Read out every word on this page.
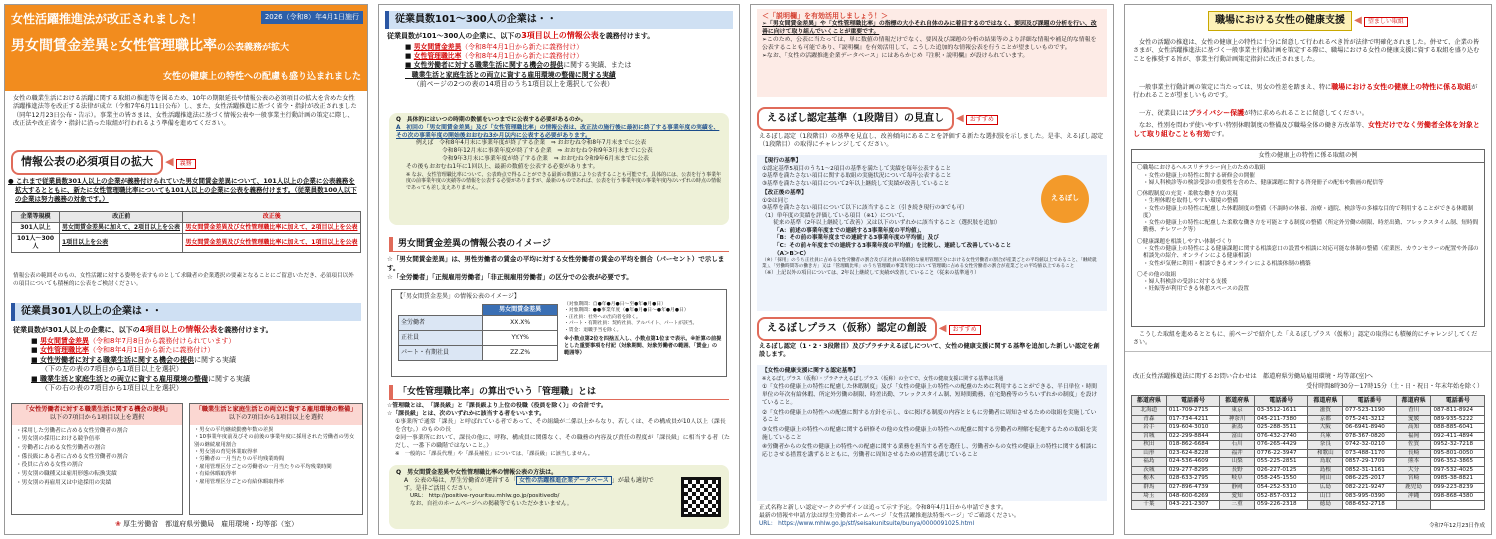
女性活躍推進法が改正されました！	2026（令和8）年4月1日施行
男女間賃金差異と女性管理職比率の公表義務が拡大
女性の健康上の特性への配慮も盛り込まれました
女性の職業生活における活躍に関する取組の推進等を図るため、10年の期限延長や情報公表の必須項目の拡大を含めた女性活躍推進法等を改正する法律が成立（令和7年6月11日公布）し、また、女性活躍推進に基づく省令・指針が改正されました（同年12月23日公布・告示）。事業主の皆さまは、女性活躍推進法に基づく情報公表や一般事業主行動計画の策定に際し、改正法や改正省令・指針に沿った取組が行われるよう準備を進めてください。
情報公表の必須項目の拡大 ◀ 義務
● これまで従業員数301人以上の企業が義務付けられていた男女間賃金差異について、101人以上の企業に公表義務を拡大するとともに、新たに女性管理職比率についても101人以上の企業に公表を義務付けます。（従業員数100人以下の企業は努力義務の対象です。）
企業等規模	改正前	改正後
301人以上	男女間賃金差異に加えて、2項目以上を公表	男女間賃金差異及び女性管理職比率に加えて、2項目以上を公表
101人～300人	1項目以上を公表	男女間賃金差異及び女性管理職比率に加えて、1項目以上を公表
情報公表の範囲そのもの、女性活躍に対する姿勢を表すものとして求職者の企業選択の要素となることにご留意いただき、必須項目以外の項目についても積極的に公表をご検討ください。
従業員301人以上の企業は・・
従業員数が301人以上の企業に、以下の4項目以上の情報公表を義務付けます。
■ 男女間賃金差異（令和8年7月8日から義務付けられています）
■ 女性管理職比率（令和8年4月1日から新たに義務付け）
■ 女性労働者に対する職業生活に関する機会の提供に関する実績
（下の左の表の7項目から1項目以上を選択）
■ 職業生活と家庭生活との両立に資する雇用環境の整備に関する実績
（下の右の表の7項目から1項目以上を選択）
「女性労働者に対する職業生活に関する機会の提供」
以下の7項目から1項目以上を選択
・採用した労働者に占める女性労働者の割合
・男女別の採用における競争倍率
・労働者に占める女性労働者の割合
・係長級にある者に占める女性労働者の割合
・役員に占める女性の割合
・男女別の職種又は雇用形態の転換実績
・男女別の再雇用又は中途採用の実績
「職業生活と家庭生活との両立に資する雇用環境の整備」
以下の7項目から1項目以上を選択
・男女の平均継続勤務年数の差異
・10事業年度前及びその前後の事業年度に採用された労働者の男女別の継続雇用割合
・男女別の育児休業取得率
・労働者の一月当たりの平均残業時間
・雇用管理区分ごとの労働者の一月当たりの平均残業時間
・有給休暇取得率
・雇用管理区分ごとの有給休暇取得率
❀ 厚生労働省　都道府県労働局　雇用環境・均等部（室）
従業員数101～300人の企業は・・
従業員数が101～300人の企業に、以下の3項目以上の情報公表を義務付けます。
■ 男女間賃金差異（令和8年4月1日から新たに義務付け）
■ 女性管理職比率（令和8年4月1日から新たに義務付け）
■ 女性労働者に対する職業生活に関する機会の提供に関する実績、または
　職業生活と家庭生活との両立に資する雇用環境の整備に関する実績
（前ページの2つの表の14項目のうち1項目以上を選択して公表）
Q　具体的にはいつの時期の数値をいつまでに公表する必要があるのか。
A　初回の「男女間賃金差異」及び「女性管理職比率」の情報公表は、改正法の施行後に最初に終了する事業年度の実績を、その次の事業年度の開始後おおむね3か月以内に公表する必要があります。
例えば　令和8年4月末に事業年度が終了する企業　⇒ おおむね令和8年7月末までに公表
令和8年12月末に事業年度が終了する企業　⇒ おおむね令和9年3月末までに公表
令和9年3月末に事業年度が終了する企業　⇒ おおむね令和9年6月末までに公表
その後もおおむね1年に1回以上、最新の数値を公表する必要があります。
※ なお、女性管理職比率について、公表時点で得ることができる最新の数値により公表することも可能です。具体的には、公表を行う事業年度の前事業年度の実績等の情報を公表する必要がありますが、最新のものであれば、公表を行う事業年度の事業年度内のいずれの時点の情報であっても差し支えありません。
男女間賃金差異の情報公表のイメージ
☆「男女間賃金差異」は、男性労働者の賃金の平均に対する女性労働者の賃金の平均を割合（パーセント）で示します。
☆「全労働者」「正規雇用労働者」「非正規雇用労働者」の区分での公表が必要です。
【「男女間賃金差異」の情報公表のイメージ】
	男女間賃金差異
全労働者	XX.X%
正社員	YY.Y%
パート・有期社員	ZZ.Z%
（対象期間：自●年●月●日～至●年●月●日）
・対象期間：●●事業年度（●年●月●日～●年●月●日）
・正社員：社外への出向者を除く。
・パート・有期社員：契約社員、アルバイト、パートが該当。
・賃金：退職手当を除く。
※小数点第2位を四捨五入し、小数点第1位まで表示。※計算の前提とした重要事項を付記（対象期間、対象労働者の範囲、「賃金」の範囲等）
「女性管理職比率」の算出でいう「管理職」とは
☆管理職とは、「課長級」と「課長級より上位の役職（役員を除く）」の合計です。
☆「課長級」とは、次のいずれかに該当する者をいいます。
①事業所で通常「課長」と呼ばれている者であって、その組織が二係以上からなり、若しくは、その構成員が10人以上（課長を含む。）のものの長
②同一事業所において、課長の他に、呼称、構成員に関係なく、その職務の内容及び責任の程度が「課長級」に相当する者（ただし、一番下の職階ではないこと。）
※　一般的に「課長代理」や「課長補佐」については、「課長級」に該当しません。
Q　男女間賃金差異や女性管理職比率の情報公表の方法は。
A　公表の場は、厚生労働省が運営する「 女性の活躍推進企業データベース 」が最も適切です。是非ご活用ください。
URL： http://positive-ryouritsu.mhlw.go.jp/positivedb/
なお、自社のホームページへの掲載等でもいただかまいません。
＜「説明欄」を有効活用しましょう！＞
➢「男女間賃金差異」や「女性管理職比率」の指標の大小それ自体のみに着目するのではなく、要因及び課題の分析を行い、改善に向けて取り組んでいくことが重要です。
➢このため、公表に当たっては、単に数値の情報だけでなく、要因及び課題の分析の結果等のより詳細な情報や補足的な情報を公表することも可能であり、『説明欄』を有効活用して、こうした追加的な情報公表を行うことが望ましいものです。
➢なお、「女性の活躍推進企業データベース」にはあらかじめ『注釈・説明欄』が設けられています。
えるぼし認定基準（1段階目）の見直し ◀ おすすめ
えるぼし認定（1段階目）の基準を見直し、改善傾向にあることを評価する新たな選択肢を示しました。是非、えるぼし認定（1段階目）の取得にチャレンジしてください。
【現行の基準】
①認定基準5項目のうち1～2項目の基準を満たして実績を毎年公表すること
②基準を満たさない項目に関する取組の実施状況について毎年公表すること
③基準を満たさない項目について2年以上継続して実績が改善していること
【改正後の基準】
①②は同じ
③基準を満たさない項目について以下に該当すること（引き続き現行の③でも可）
（1）単年度の実績を評価している項目（※1）について、
　　従来の基準（2年以上継続して改善）又は以下のいずれかに該当すること（選択肢を追加）
「A：前述の事業年度までの連続する3事業年度の平均値」、
「B：その前の事業年度までの連続する3事業年度の平均値」及び
「C：その前々年度までの連続する3事業年度の平均値」を比較し、連続して改善していること
（A＞B＞C）
（※）「採用」のうち正社員に占める女性労働者の割合及び正社員の基幹的な雇用管理区分における女性労働者の割合が産業ごとの平均値以上であること、「継続就業」、「労働時間等の働き方」又は「管理職比率」のうち管理職の事業年度において管理職に占める女性労働者の割合が産業ごとの平均値以上であること
（※）上記以外の項目については、2年以上継続して実績が改善していること（従来の基準通り）
えるぼし
えるぼしプラス（仮称）認定の創設 ◀ おすすめ
えるぼし認定（1・2・3段階目）及びプラチナえるぼしについて、女性の健康支援に関する基準を追加した新しい認定を創設します。
【女性の健康支援に関する認定基準】
※えるぼしプラス（仮称）・プラチナえるぼしプラス（仮称）の全てで、女性の健康支援に関する基準は共通
①「女性の健康上の特性に配慮した休暇制度」及び「女性の健康上の特性への配慮のために利用することができる、半日単位・時間単位の年次有給休暇、所定外労働の制限、時差出勤、フレックスタイム制、短時間勤務、在宅勤務等のうちいずれかの制度」を設けていること。
②「女性の健康上の特性への配慮に関する方針を示し、①に掲げる制度の内容とともに労働者に周知させるための取組を実施していること
③女性の健康上の特性への配慮に関する研修その他の女性の健康上の特性への配慮に関する労働者の理解を促進するための取組を実施していること
④労働者からの女性の健康上の特性への配慮に関する業務を担当する者を選任し、労働者からの女性の健康上の特性に関する相談に応じさせる措置を講ずるとともに、労働者に周知させるための措置を講じていること
正式名称と新しい認定マークのデザインは追って示す予定。令和8年4月1日から申請できます。
最新の情報や申請方法は厚生労働省ホームページ「女性活躍推進法特集ページ」でご確認ください。
URL： https://www.mhlw.go.jp/stf/seisakunitsuite/bunya/0000091025.html
職場における女性の健康支援 ◀ 望ましい取組
女性の活躍の推進は、女性の健康上の特性に十分に留意して行われるべき旨が法律で明確化されました。併せて、企業の皆さまが、女性活躍推進法に基づく一般事業主行動計画を策定する際に、職場における女性の健康支援に資する取組を盛り込むことを推奨する旨が、事業主行動計画策定指針に改正されました。
一般事業主行動計画の策定に当たっては、男女の性差を踏まえ、特に職場における女性の健康上の特性に係る取組が行われることが望ましいものです。
一方、従業員にはプライバシー保護が特に求められることに留意してください。
なお、性別を問わず使いやすい特別休暇制度の整備及び職場全体の働き方改革等、女性だけでなく労働者全体を対象として取り組むことも有効です。
女性の健康上の特性に係る取組の例
〇職場におけるヘルスリテラシー向上のための取組
・女性の健康上の特性に関する研修会の開催
・婦人科検診等の検診受診の重要性を含めた、健康課題に関する啓発冊子の配布や動画の配信等
〇休暇制度の充実・柔軟な働き方の実現
・生理休暇を取得しやすい環境の整備
・女性の健康上の特性に配慮した休暇制度の整備（不調時の休養、治療・通院、検診等の多様な目的で利用することができる休暇制度）
・女性の健康上の特性に配慮した柔軟な働き方を可能とする制度の整備（所定外労働の制限、時差出勤、フレックスタイム制、短時間勤務、テレワーク等）
〇健康課題を相談しやすい体制づくり
・女性の健康上の特性による健康課題に関する相談窓口の設置や相談に対応可能な体制の整備（産業医、カウンセラーの配置や外部の相談先の紹介、オンラインによる健康相談）
・女性が気軽に利用・相談できるオンラインによる相談体制の構築
〇その他の取組
・婦人科検診の受診に対する支援
・妊娠等が利用できる休憩スペースの設置
こうした取組を進めるとともに、前ページで紹介した「えるぼしプラス（仮称）」認定の取得にも積極的にチャレンジしてください。
改正女性活躍推進法に関するお問い合わせは　都道府県労働局雇用環境・均等部(室)へ
受付時間8時30分～17時15分（土・日・祝日・年末年始を除く）
都道府県	電話番号	都道府県	電話番号	都道府県	電話番号	都道府県	電話番号
北海道	011-709-2715	東京	03-3512-1611	滋賀	077-523-1190	香川	087-811-8924
青森	017-734-4211	神奈川	045-211-7380	京都	075-241-3212	愛媛	089-935-5222
岩手	019-604-3010	新潟	025-288-3511	大阪	06-6941-8940	高知	088-885-6041
宮城	022-299-8844	富山	076-432-2740	兵庫	078-367-0820	福岡	092-411-4894
秋田	018-862-6684	石川	076-265-4429	奈良	0742-32-0210	佐賀	0952-32-7218
山形	023-624-8228	福井	0776-22-3947	和歌山	073-488-1170	長崎	095-801-0050
福島	024-536-4609	山梨	055-225-2851	鳥取	0857-29-1709	熊本	096-352-3865
茨城	029-277-8295	長野	026-227-0125	島根	0852-31-1161	大分	097-532-4025
栃木	028-633-2795	岐阜	058-245-1550	岡山	086-225-2017	宮崎	0985-38-8821
群馬	027-896-4739	静岡	054-252-5310	広島	082-221-9247	鹿児島	099-223-8239
埼玉	048-600-6269	愛知	052-857-0312	山口	083-995-0390	沖縄	098-868-4380
千葉	043-221-2307	三重	059-226-2318	徳島	088-652-2718		
令和7年12月23日作成
